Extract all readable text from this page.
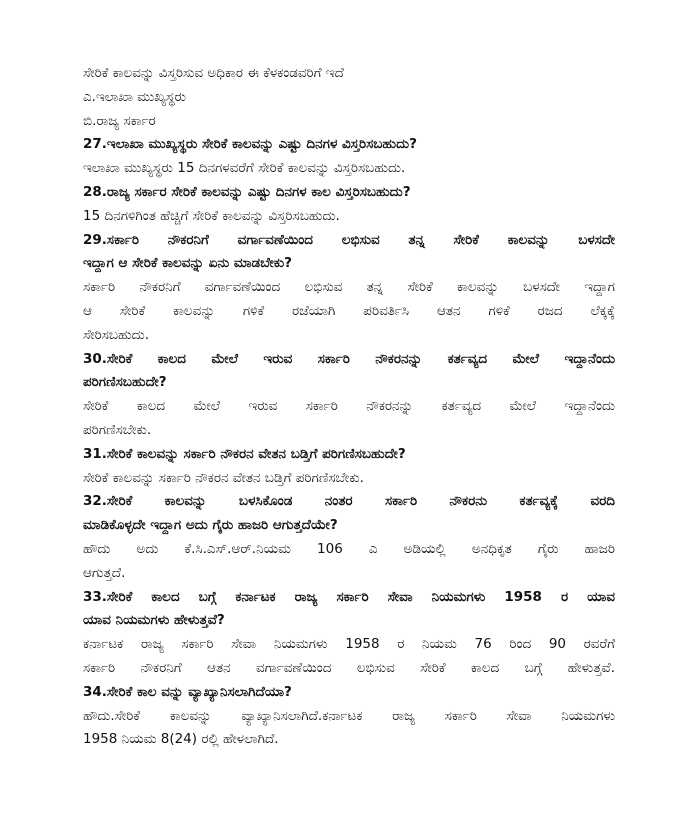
ಸೇರಿಕೆ ಕಾಲವನ್ನು ವಿಸ್ತರಿಸುವ ಅಧಿಕಾರ ಈ ಕೆಳಕಂಡವರಿಗೆ ಇದೆ
ಎ.ಇಲಾಖಾ ಮುಖ್ಯಸ್ಥರು
ಬಿ.ರಾಜ್ಯ ಸರ್ಕಾರ
27.ಇಲಾಖಾ ಮುಖ್ಯಸ್ಥರು ಸೇರಿಕೆ ಕಾಲವನ್ನು ಎಷ್ಟು ದಿನಗಳ ವಿಸ್ತರಿಸಬಹುದು?
ಇಲಾಖಾ ಮುಖ್ಯಸ್ಥರು 15 ದಿನಗಳವರೆಗೆ ಸೇರಿಕೆ ಕಾಲವನ್ನು ವಿಸ್ತರಿಸಬಹುದು.
28.ರಾಜ್ಯ ಸರ್ಕಾರ ಸೇರಿಕೆ ಕಾಲವನ್ನು ಎಷ್ಟು ದಿನಗಳ ಕಾಲ ವಿಸ್ತರಿಸಬಹುದು?
15 ದಿನಗಳಿಗಿಂತ ಹೆಚ್ಚಿಗೆ ಸೇರಿಕೆ ಕಾಲವನ್ನು ವಿಸ್ತರಿಸಬಹುದು.
29.ಸರ್ಕಾರಿ ನೌಕರನಿಗೆ ವರ್ಗಾವಣೆಯಿಂದ ಲಭಿಸುವ ತನ್ನ ಸೇರಿಕೆ ಕಾಲವನ್ನು ಬಳಸದೇ
ಇದ್ದಾಗ ಆ ಸೇರಿಕೆ ಕಾಲವನ್ನು ಏನು ಮಾಡಬೇಕು?
ಸರ್ಕಾರಿ ನೌಕರನಿಗೆ ವರ್ಗಾವಣೆಯಿಂದ ಲಭಿಸುವ ತನ್ನ ಸೇರಿಕೆ ಕಾಲವನ್ನು ಬಳಸದೇ ಇದ್ದಾಗ
ಆ ಸೇರಿಕೆ ಕಾಲವನ್ನು ಗಳಿಕೆ ರಜೆಯಾಗಿ ಪರಿವರ್ತಿಸಿ ಆತನ ಗಳಿಕೆ ರಜದ ಲೆಕ್ಕಕ್ಕೆ
ಸೇರಿಸಬಹುದು.
30.ಸೇರಿಕೆ ಕಾಲದ ಮೇಲೆ ಇರುವ ಸರ್ಕಾರಿ ನೌಕರನನ್ನು ಕರ್ತವ್ಯದ ಮೇಲೆ ಇದ್ದಾನೆಂದು
ಪರಿಗಣಿಸಬಹುದೇ?
ಸೇರಿಕೆ ಕಾಲದ ಮೇಲೆ ಇರುವ ಸರ್ಕಾರಿ ನೌಕರನನ್ನು ಕರ್ತವ್ಯದ ಮೇಲೆ ಇದ್ದಾನೆಂದು
ಪರಿಗಣಿಸಬೇಕು.
31.ಸೇರಿಕೆ ಕಾಲವನ್ನು ಸರ್ಕಾರಿ ನೌಕರನ ವೇತನ ಬಡ್ತಿಗೆ ಪರಿಗಣಿಸಬಹುದೇ?
ಸೇರಿಕೆ ಕಾಲವನ್ನು ಸರ್ಕಾರಿ ನೌಕರನ ವೇತನ ಬಡ್ತಿಗೆ ಪರಿಗಣಿಸಬೇಕು.
32.ಸೇರಿಕೆ ಕಾಲವನ್ನು ಬಳಸಿಕೊಂಡ ನಂತರ ಸರ್ಕಾರಿ ನೌಕರನು ಕರ್ತವ್ಯಕ್ಕೆ ವರದಿ
ಮಾಡಿಕೊಳ್ಳದೇ ಇದ್ದಾಗ ಅದು ಗೈರು ಹಾಜರಿ ಆಗುತ್ತದೆಯೇ?
ಹೌದು ಅದು ಕೆ.ಸಿ.ಎಸ್.ಆರ್.ನಿಯಮ 106 ಎ ಅಡಿಯಲ್ಲಿ ಅನಧಿಕೃತ ಗೈರು ಹಾಜರಿ
ಆಗುತ್ತದೆ.
33.ಸೇರಿಕೆ ಕಾಲದ ಬಗ್ಗೆ ಕರ್ನಾಟಕ ರಾಜ್ಯ ಸರ್ಕಾರಿ ಸೇವಾ ನಿಯಮಗಳು 1958 ರ ಯಾವ
ಯಾವ ನಿಯಮಗಳು ಹೇಳುತ್ತವೆ?
ಕರ್ನಾಟಕ ರಾಜ್ಯ ಸರ್ಕಾರಿ ಸೇವಾ ನಿಯಮಗಳು 1958 ರ ನಿಯಮ 76 ರಿಂದ 90 ರವರೆಗೆ
ಸರ್ಕಾರಿ ನೌಕರನಿಗೆ ಆತನ ವರ್ಗಾವಣೆಯಿಂದ ಲಭಿಸುವ ಸೇರಿಕೆ ಕಾಲದ ಬಗ್ಗೆ ಹೇಳುತ್ತವೆ.
34.ಸೇರಿಕೆ ಕಾಲ ವನ್ನು ವ್ಯಾಖ್ಯಾನಿಸಲಾಗಿದೆಯಾ?
ಹೌದು.ಸೇರಿಕೆ ಕಾಲವನ್ನು ವ್ಯಾಖ್ಯಾನಿಸಲಾಗಿದೆ.ಕರ್ನಾಟಕ ರಾಜ್ಯ ಸರ್ಕಾರಿ ಸೇವಾ ನಿಯಮಗಳು
1958 ನಿಯಮ 8(24) ರಲ್ಲಿ ಹೇಳಲಾಗಿದೆ.
